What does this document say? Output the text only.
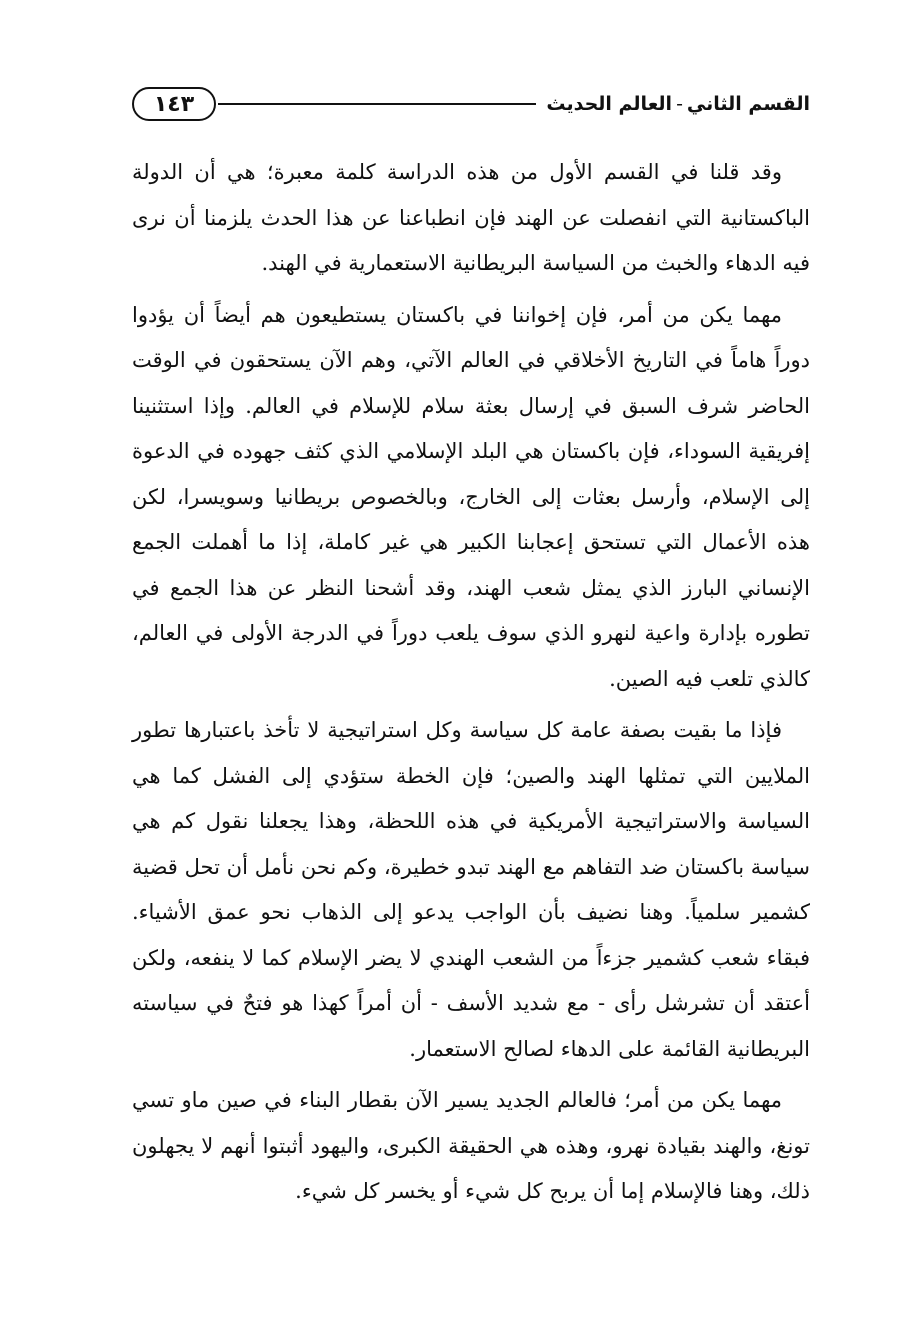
القسم الثاني-العالم الحديث
١٤٣

وقد قلنا في القسم الأول من هذه الدراسة كلمة معبرة؛ هي أن الدولة الباكستانية التي انفصلت عن الهند فإن انطباعنا عن هذا الحدث يلزمنا أن نرى فيه الدهاء والخبث من السياسة البريطانية الاستعمارية في الهند.

مهما يكن من أمر، فإن إخواننا في باكستان يستطيعون هم أيضاً أن يؤدوا دوراً هاماً في التاريخ الأخلاقي في العالم الآتي، وهم الآن يستحقون في الوقت الحاضر شرف السبق في إرسال بعثة سلام للإسلام في العالم. وإذا استثنينا إفريقية السوداء، فإن باكستان هي البلد الإسلامي الذي كثف جهوده في الدعوة إلى الإسلام، وأرسل بعثات إلى الخارج، وبالخصوص بريطانيا وسويسرا، لكن هذه الأعمال التي تستحق إعجابنا الكبير هي غير كاملة، إذا ما أهملت الجمع الإنساني البارز الذي يمثل شعب الهند، وقد أشحنا النظر عن هذا الجمع في تطوره بإدارة واعية لنهرو الذي سوف يلعب دوراً في الدرجة الأولى في العالم، كالذي تلعب فيه الصين.

فإذا ما بقيت بصفة عامة كل سياسة وكل استراتيجية لا تأخذ باعتبارها تطور الملايين التي تمثلها الهند والصين؛ فإن الخطة ستؤدي إلى الفشل كما هي السياسة والاستراتيجية الأمريكية في هذه اللحظة، وهذا يجعلنا نقول كم هي سياسة باكستان ضد التفاهم مع الهند تبدو خطيرة، وكم نحن نأمل أن تحل قضية كشمير سلمياً. وهنا نضيف بأن الواجب يدعو إلى الذهاب نحو عمق الأشياء. فبقاء شعب كشمير جزءاً من الشعب الهندي لا يضر الإسلام كما لا ينفعه، ولكن أعتقد أن تشرشل رأى - مع شديد الأسف - أن أمراً كهذا هو فتحٌ في سياسته البريطانية القائمة على الدهاء لصالح الاستعمار.

مهما يكن من أمر؛ فالعالم الجديد يسير الآن بقطار البناء في صين ماو تسي تونغ، والهند بقيادة نهرو، وهذه هي الحقيقة الكبرى، واليهود أثبتوا أنهم لا يجهلون ذلك، وهنا فالإسلام إما أن يربح كل شيء أو يخسر كل شيء.
